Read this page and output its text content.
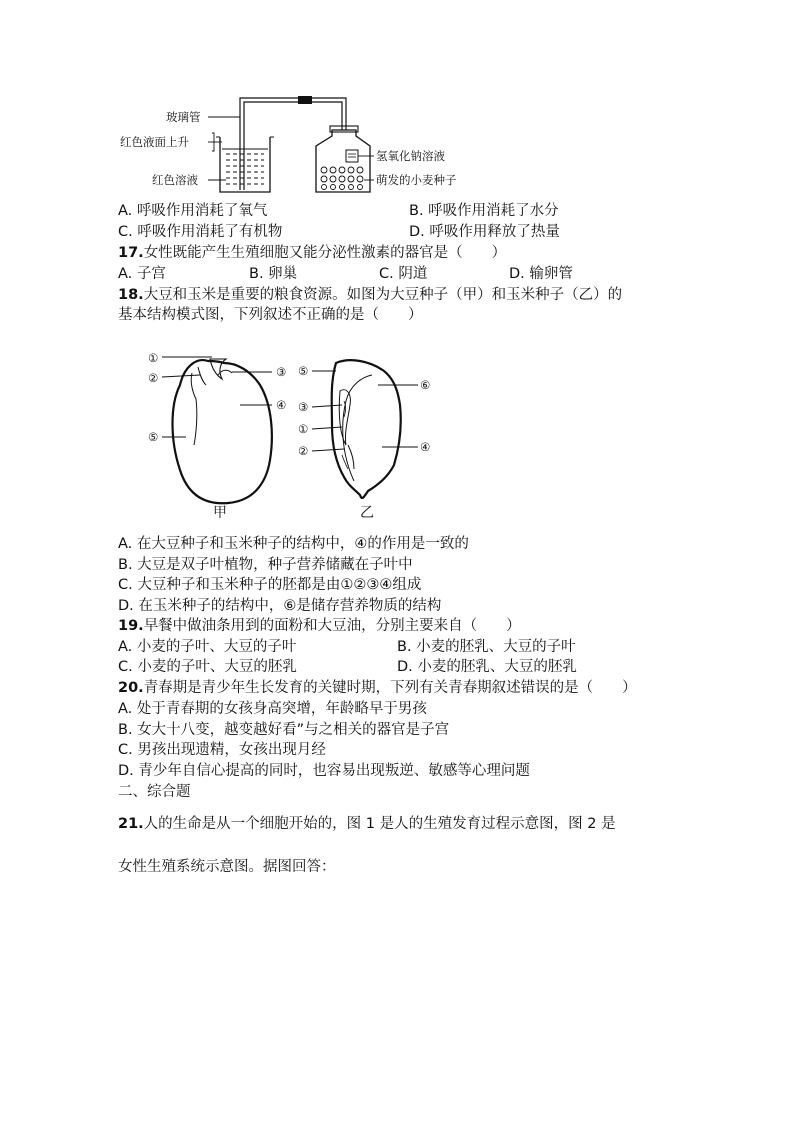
玻璃管
红色液面上升
红色溶液
氢氧化钠溶液
萌发的小麦种子
A. 呼吸作用消耗了氧气	B. 呼吸作用消耗了水分
C. 呼吸作用消耗了有机物	D. 呼吸作用释放了热量
17.女性既能产生生殖细胞又能分泌性激素的器官是（　　）
A. 子宫	B. 卵巢	C. 阴道	D. 输卵管
18.大豆和玉米是重要的粮食资源。如图为大豆种子（甲）和玉米种子（乙）的
基本结构模式图，下列叙述不正确的是（　　）
①
②	③
④
⑤
甲
⑤
⑥
③
①
②	④
乙
A. 在大豆种子和玉米种子的结构中，④的作用是一致的
B. 大豆是双子叶植物，种子营养储藏在子叶中
C. 大豆种子和玉米种子的胚都是由①②③④组成
D. 在玉米种子的结构中，⑥是储存营养物质的结构
19.早餐中做油条用到的面粉和大豆油，分别主要来自（　　）
A. 小麦的子叶、大豆的子叶	B. 小麦的胚乳、大豆的子叶
C. 小麦的子叶、大豆的胚乳	D. 小麦的胚乳、大豆的胚乳
20.青春期是青少年生长发育的关键时期，下列有关青春期叙述错误的是（　　）
A. 处于青春期的女孩身高突增，年龄略早于男孩
B. 女大十八变，越变越好看”与之相关的器官是子宫
C. 男孩出现遗精，女孩出现月经
D. 青少年自信心提高的同时，也容易出现叛逆、敏感等心理问题
二、综合题
21.人的生命是从一个细胞开始的，图 1 是人的生殖发育过程示意图，图 2 是
女性生殖系统示意图。据图回答：
